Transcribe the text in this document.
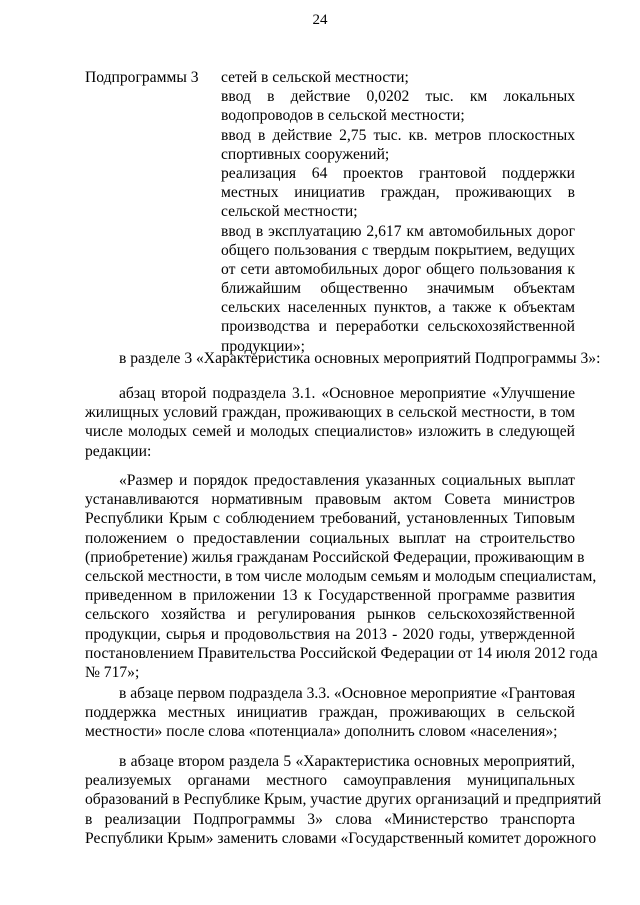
24
Подпрограммы 3	сетей в сельской местности;
ввод в действие 0,0202 тыс. км локальных
водопроводов в сельской местности;
ввод в действие 2,75 тыс. кв. метров плоскостных
спортивных сооружений;
реализация 64 проектов грантовой поддержки
местных инициатив граждан, проживающих в
сельской местности;
ввод в эксплуатацию 2,617 км автомобильных дорог
общего пользования с твердым покрытием, ведущих
от сети автомобильных дорог общего пользования к
ближайшим общественно значимым объектам
сельских населенных пунктов, а также к объектам
производства и переработки сельскохозяйственной
продукции»;
в разделе 3 «Характеристика основных мероприятий Подпрограммы 3»:
абзац второй подраздела 3.1. «Основное мероприятие «Улучшение
жилищных условий граждан, проживающих в сельской местности, в том
числе молодых семей и молодых специалистов» изложить в следующей
редакции:
«Размер и порядок предоставления указанных социальных выплат
устанавливаются нормативным правовым актом Совета министров
Республики Крым с соблюдением требований, установленных Типовым
положением о предоставлении социальных выплат на строительство
(приобретение) жилья гражданам Российской Федерации, проживающим в
сельской местности, в том числе молодым семьям и молодым специалистам,
приведенном в приложении 13 к Государственной программе развития
сельского хозяйства и регулирования рынков сельскохозяйственной
продукции, сырья и продовольствия на 2013 - 2020 годы, утвержденной
постановлением Правительства Российской Федерации от 14 июля 2012 года
№ 717»;
в абзаце первом подраздела 3.3. «Основное мероприятие «Грантовая
поддержка местных инициатив граждан, проживающих в сельской
местности» после слова «потенциала» дополнить словом «населения»;
в абзаце втором раздела 5 «Характеристика основных мероприятий,
реализуемых органами местного самоуправления муниципальных
образований в Республике Крым, участие других организаций и предприятий
в реализации Подпрограммы 3» слова «Министерство транспорта
Республики Крым» заменить словами «Государственный комитет дорожного
